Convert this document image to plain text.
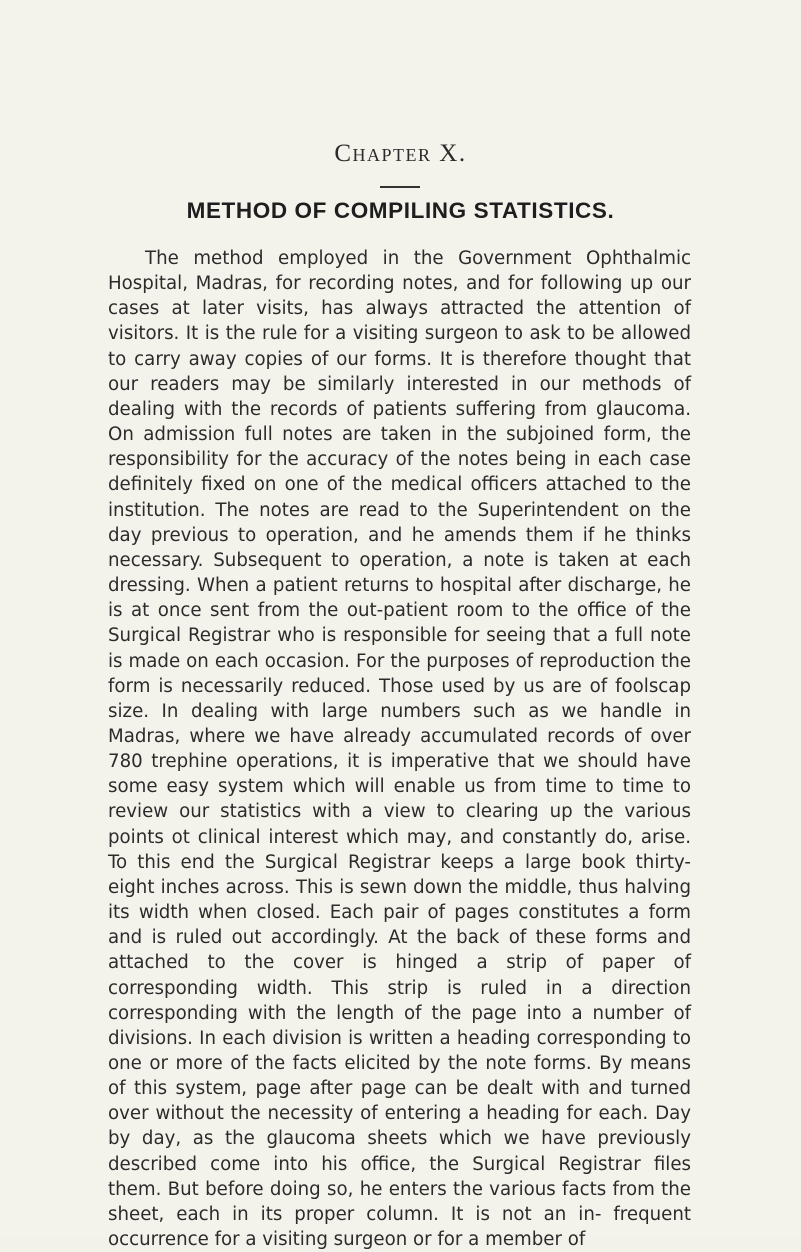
Chapter X.
METHOD OF COMPILING STATISTICS.

The method employed in the Government Ophthalmic Hospital, Madras, for recording notes, and for following up our cases at later visits, has always attracted the attention of visitors. It is the rule for a visiting surgeon to ask to be allowed to carry away copies of our forms. It is therefore thought that our readers may be similarly interested in our methods of dealing with the records of patients suffering from glaucoma. On admission full notes are taken in the subjoined form, the responsibility for the accuracy of the notes being in each case definitely fixed on one of the medical officers attached to the institution. The notes are read to the Superintendent on the day previous to operation, and he amends them if he thinks necessary. Subsequent to operation, a note is taken at each dressing. When a patient returns to hospital after discharge, he is at once sent from the out-patient room to the office of the Surgical Registrar who is responsible for seeing that a full note is made on each occasion. For the purposes of reproduction the form is necessarily reduced. Those used by us are of foolscap size. In dealing with large numbers such as we handle in Madras, where we have already accumulated records of over 780 trephine operations, it is imperative that we should have some easy system which will enable us from time to time to review our statistics with a view to clearing up the various points ot clinical interest which may, and constantly do, arise. To this end the Surgical Registrar keeps a large book thirty-eight inches across. This is sewn down the middle, thus halving its width when closed. Each pair of pages constitutes a form and is ruled out accordingly. At the back of these forms and attached to the cover is hinged a strip of paper of corresponding width. This strip is ruled in a direction corresponding with the length of the page into a number of divisions. In each division is written a heading corresponding to one or more of the facts elicited by the note forms. By means of this system, page after page can be dealt with and turned over without the necessity of entering a heading for each. Day by day, as the glaucoma sheets which we have previously described come into his office, the Surgical Registrar files them. But before doing so, he enters the various facts from the sheet, each in its proper column. It is not an in- frequent occurrence for a visiting surgeon or for a member of
